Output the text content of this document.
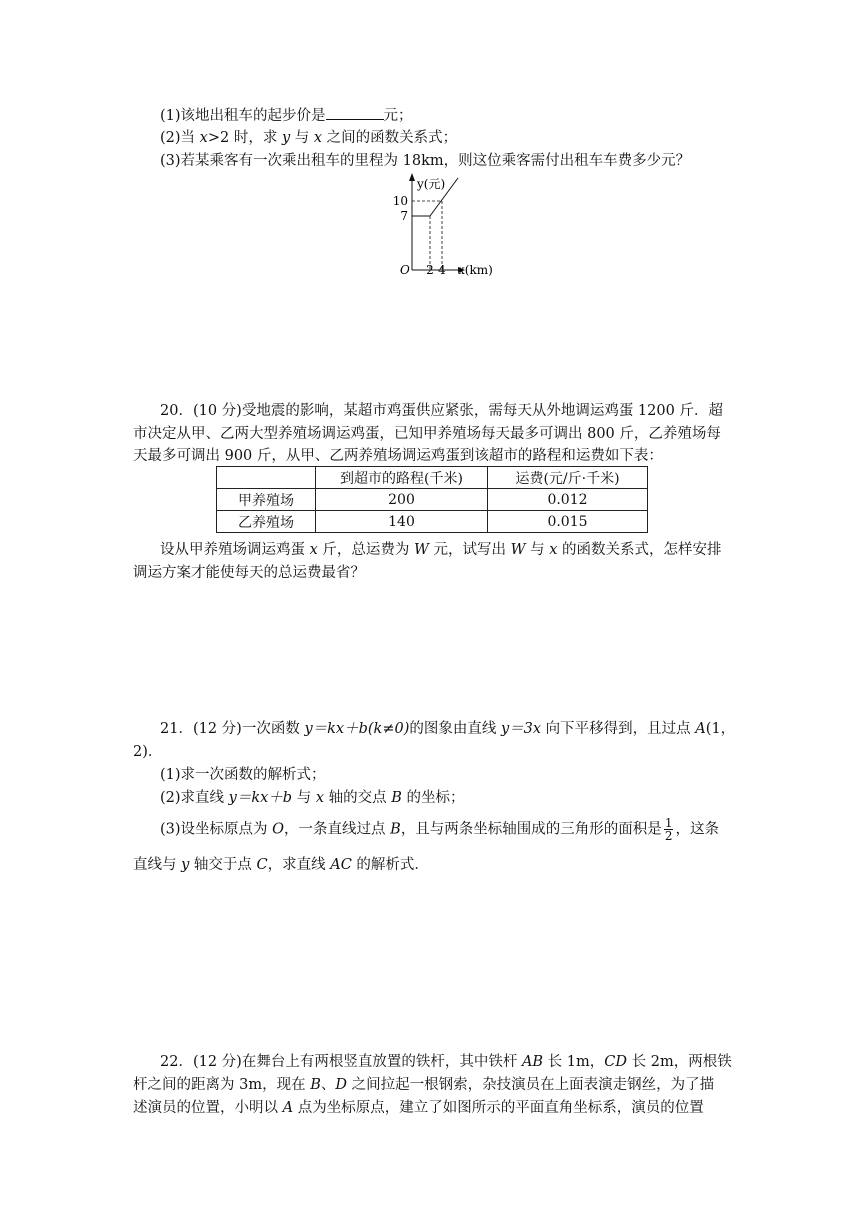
(1)该地出租车的起步价是	元；
(2)当 x>2 时，求 y 与 x 之间的函数关系式；
(3)若某乘客有一次乘出租车的里程为 18km，则这位乘客需付出租车车费多少元？
y(元)
10
7
O 2 4 x(km)
20．(10 分)受地震的影响，某超市鸡蛋供应紧张，需每天从外地调运鸡蛋 1200 斤．超
市决定从甲、乙两大型养殖场调运鸡蛋，已知甲养殖场每天最多可调出 800 斤，乙养殖场每
天最多可调出 900 斤，从甲、乙两养殖场调运鸡蛋到该超市的路程和运费如下表：
	到超市的路程(千米)	运费(元/斤·千米)
甲养殖场	200	0.012
乙养殖场	140	0.015
设从甲养殖场调运鸡蛋 x 斤，总运费为 W 元，试写出 W 与 x 的函数关系式，怎样安排
调运方案才能使每天的总运费最省？
21．(12 分)一次函数 y＝kx＋b(k≠0)的图象由直线 y＝3x 向下平移得到，且过点 A(1，
2)．
(1)求一次函数的解析式；
(2)求直线 y＝kx＋b 与 x 轴的交点 B 的坐标；
(3)设坐标原点为 O，一条直线过点 B，且与两条坐标轴围成的三角形的面积是 $\frac{1}{2}$ ，这条
直线与 y 轴交于点 C，求直线 AC 的解析式．
22．(12 分)在舞台上有两根竖直放置的铁杆，其中铁杆 AB 长 1m，CD 长 2m，两根铁
杆之间的距离为 3m，现在 B、D 之间拉起一根钢索，杂技演员在上面表演走钢丝，为了描
述演员的位置，小明以 A 点为坐标原点，建立了如图所示的平面直角坐标系，演员的位置
